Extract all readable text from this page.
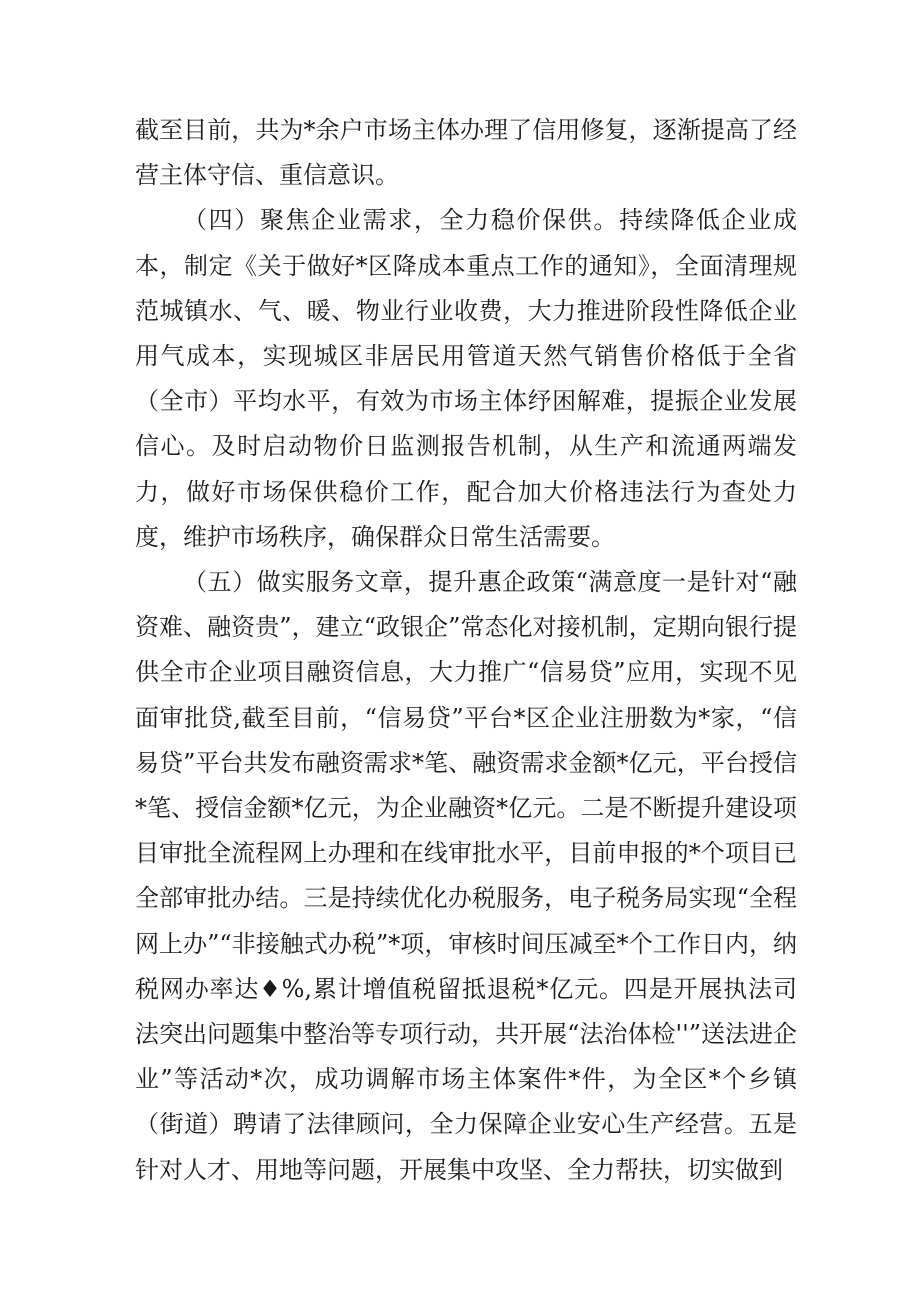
截至目前，共为*余户市场主体办理了信用修复，逐渐提高了经营主体守信、重信意识。

（四）聚焦企业需求，全力稳价保供。持续降低企业成本，制定《关于做好*区降成本重点工作的通知》，全面清理规范城镇水、气、暖、物业行业收费，大力推进阶段性降低企业用气成本，实现城区非居民用管道天然气销售价格低于全省（全市）平均水平，有效为市场主体纾困解难，提振企业发展信心。及时启动物价日监测报告机制，从生产和流通两端发力，做好市场保供稳价工作，配合加大价格违法行为查处力度，维护市场秩序，确保群众日常生活需要。

（五）做实服务文章，提升惠企政策“满意度一是针对“融资难、融资贵”，建立“政银企”常态化对接机制，定期向银行提供全市企业项目融资信息，大力推广“信易贷”应用，实现不见面审批贷,截至目前，“信易贷”平台*区企业注册数为*家，“信易贷”平台共发布融资需求*笔、融资需求金额*亿元，平台授信*笔、授信金额*亿元，为企业融资*亿元。二是不断提升建设项目审批全流程网上办理和在线审批水平，目前申报的*个项目已全部审批办结。三是持续优化办税服务，电子税务局实现“全程网上办”“非接触式办税”*项，审核时间压减至*个工作日内，纳税网办率达♦%,累计增值税留抵退税*亿元。四是开展执法司法突出问题集中整治等专项行动，共开展“法治体检''”送法进企业”等活动*次，成功调解市场主体案件*件，为全区*个乡镇（街道）聘请了法律顾问，全力保障企业安心生产经营。五是针对人才、用地等问题，开展集中攻坚、全力帮扶，切实做到
